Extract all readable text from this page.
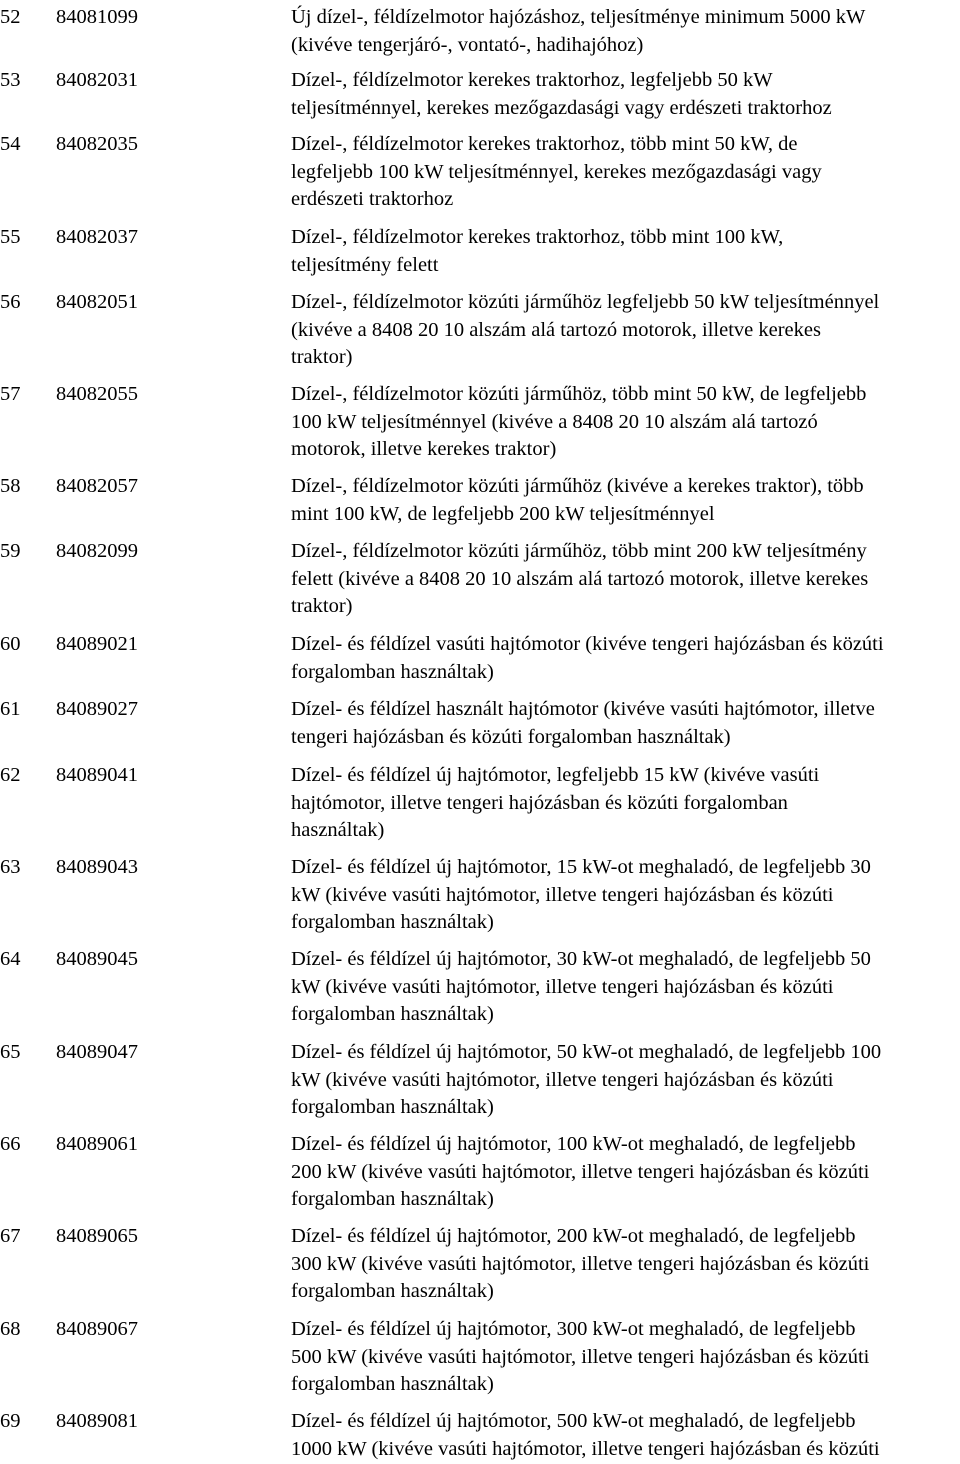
52 84081099	Új dízel-, féldízelmotor hajózáshoz, teljesítménye minimum 5000 kW
(kivéve tengerjáró-, vontató-, hadihajóhoz)
53 84082031	Dízel-, féldízelmotor kerekes traktorhoz, legfeljebb 50 kW
teljesítménnyel, kerekes mezőgazdasági vagy erdészeti traktorhoz
54 84082035	Dízel-, féldízelmotor kerekes traktorhoz, több mint 50 kW, de
legfeljebb 100 kW teljesítménnyel, kerekes mezőgazdasági vagy
erdészeti traktorhoz
55 84082037	Dízel-, féldízelmotor kerekes traktorhoz, több mint 100 kW,
teljesítmény felett
56 84082051	Dízel-, féldízelmotor közúti járműhöz legfeljebb 50 kW teljesítménnyel
(kivéve a 8408 20 10 alszám alá tartozó motorok, illetve kerekes
traktor)
57 84082055	Dízel-, féldízelmotor közúti járműhöz, több mint 50 kW, de legfeljebb
100 kW teljesítménnyel (kivéve a 8408 20 10 alszám alá tartozó
motorok, illetve kerekes traktor)
58 84082057	Dízel-, féldízelmotor közúti járműhöz (kivéve a kerekes traktor), több
mint 100 kW, de legfeljebb 200 kW teljesítménnyel
59 84082099	Dízel-, féldízelmotor közúti járműhöz, több mint 200 kW teljesítmény
felett (kivéve a 8408 20 10 alszám alá tartozó motorok, illetve kerekes
traktor)
60 84089021	Dízel- és féldízel vasúti hajtómotor (kivéve tengeri hajózásban és közúti
forgalomban használtak)
61 84089027	Dízel- és féldízel használt hajtómotor (kivéve vasúti hajtómotor, illetve
tengeri hajózásban és közúti forgalomban használtak)
62 84089041	Dízel- és féldízel új hajtómotor, legfeljebb 15 kW (kivéve vasúti
hajtómotor, illetve tengeri hajózásban és közúti forgalomban
használtak)
63 84089043	Dízel- és féldízel új hajtómotor, 15 kW-ot meghaladó, de legfeljebb 30
kW (kivéve vasúti hajtómotor, illetve tengeri hajózásban és közúti
forgalomban használtak)
64 84089045	Dízel- és féldízel új hajtómotor, 30 kW-ot meghaladó, de legfeljebb 50
kW (kivéve vasúti hajtómotor, illetve tengeri hajózásban és közúti
forgalomban használtak)
65 84089047	Dízel- és féldízel új hajtómotor, 50 kW-ot meghaladó, de legfeljebb 100
kW (kivéve vasúti hajtómotor, illetve tengeri hajózásban és közúti
forgalomban használtak)
66 84089061	Dízel- és féldízel új hajtómotor, 100 kW-ot meghaladó, de legfeljebb
200 kW (kivéve vasúti hajtómotor, illetve tengeri hajózásban és közúti
forgalomban használtak)
67 84089065	Dízel- és féldízel új hajtómotor, 200 kW-ot meghaladó, de legfeljebb
300 kW (kivéve vasúti hajtómotor, illetve tengeri hajózásban és közúti
forgalomban használtak)
68 84089067	Dízel- és féldízel új hajtómotor, 300 kW-ot meghaladó, de legfeljebb
500 kW (kivéve vasúti hajtómotor, illetve tengeri hajózásban és közúti
forgalomban használtak)
69 84089081	Dízel- és féldízel új hajtómotor, 500 kW-ot meghaladó, de legfeljebb
1000 kW (kivéve vasúti hajtómotor, illetve tengeri hajózásban és közúti
